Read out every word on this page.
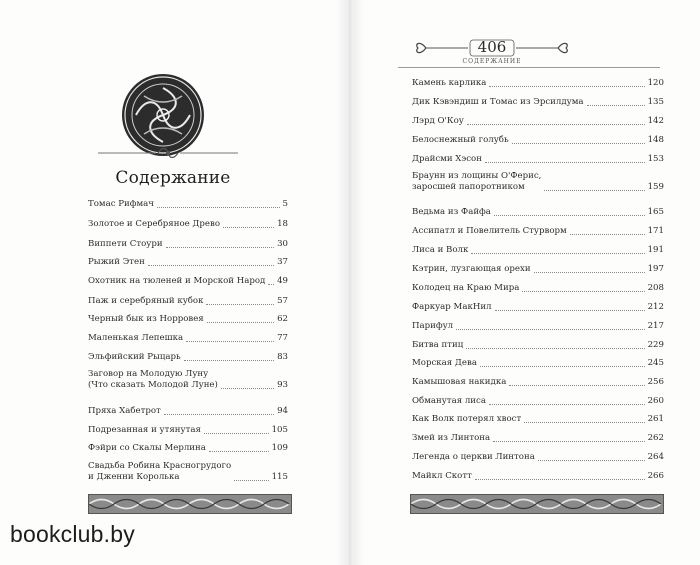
Содержание
Томас Рифмач	5
Золотое и Серебряное Древо	18
Виппети Стоури	30
Рыжий Этен	37
Охотник на тюленей и Морской Народ 49
Паж и серебряный кубок	57
Черный бык из Норровея	62
Маленькая Лепешка	77
Эльфийский Рыцарь	83
Заговор на Молодую Луну
(Что сказать Молодой Луне)	93
Пряха Хабетрот	94
Подрезанная и утянутая	105
Фэйри со Скалы Мерлина	109
Свадьба Робина Красногрудого
и Дженни Королька	115
406
СОДЕРЖАНИЕ
Камень карлика	120
Дик Кэвэндиш и Томас из Эрсилдума	135
Лэрд О'Коу	142
Белоснежный голубь	148
Драйсми Хэсон	153
Браунн из лощины О'Ферис,
заросшей папоротником	159
Ведьма из Файфа	165
Ассипатл и Повелитель Стурворм	171
Лиса и Волк	191
Кэтрин, лузгающая орехи	197
Колодец на Краю Мира	208
Фаркуар МакНил	212
Парифул	217
Битва птиц	229
Морская Дева	245
Камышовая накидка	256
Обманутая лиса	260
Как Волк потерял хвост	261
Змей из Линтона	262
Легенда о церкви Линтона	264
Майкл Скотт	266
bookclub.by
